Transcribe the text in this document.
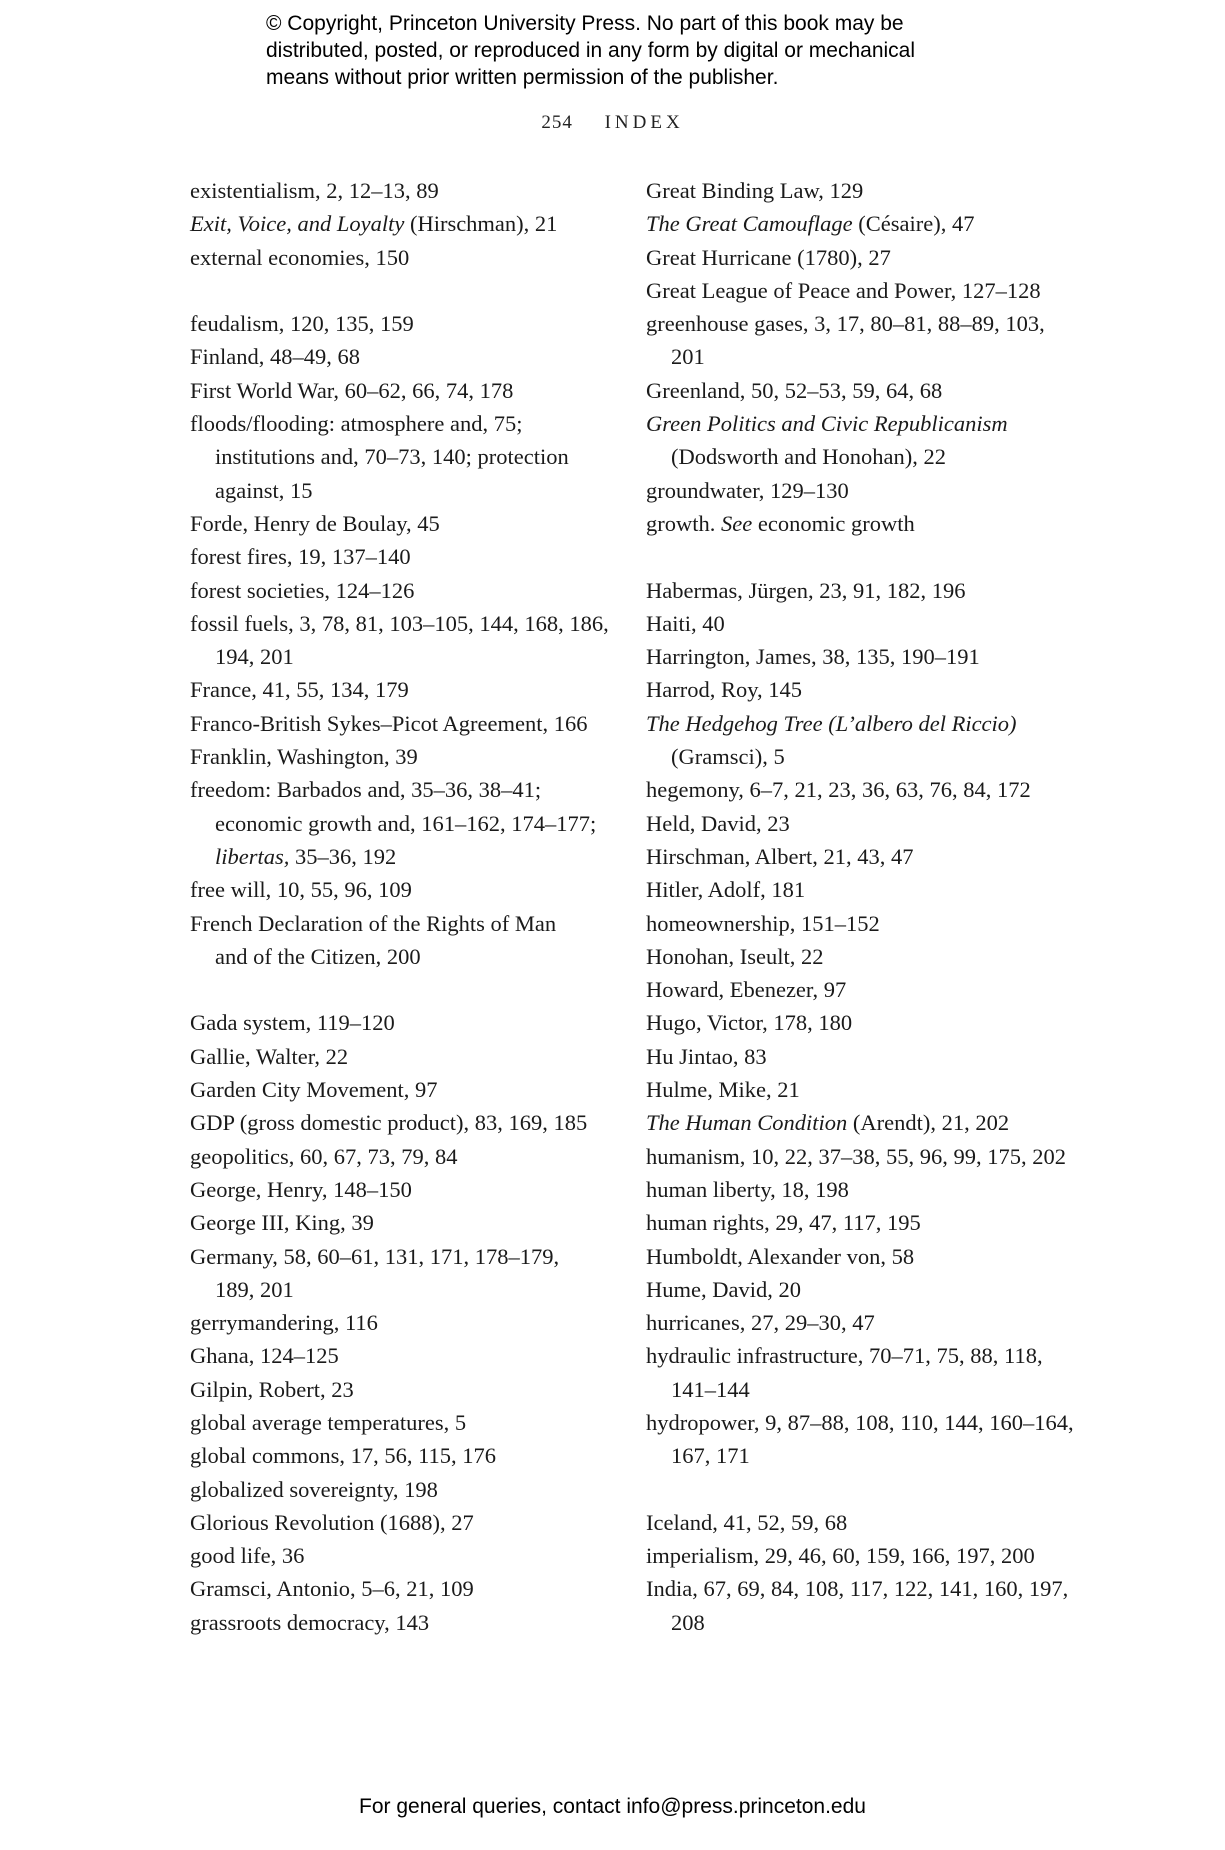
© Copyright, Princeton University Press. No part of this book may be
distributed, posted, or reproduced in any form by digital or mechanical
means without prior written permission of the publisher.
254 INDEX
existentialism, 2, 12–13, 89
Exit, Voice, and Loyalty (Hirschman), 21
external economies, 150
feudalism, 120, 135, 159
Finland, 48–49, 68
First World War, 60–62, 66, 74, 178
floods/flooding: atmosphere and, 75;
institutions and, 70–73, 140; protection
against, 15
Forde, Henry de Boulay, 45
forest fires, 19, 137–140
forest societies, 124–126
fossil fuels, 3, 78, 81, 103–105, 144, 168, 186,
194, 201
France, 41, 55, 134, 179
Franco-British Sykes–Picot Agreement, 166
Franklin, Washington, 39
freedom: Barbados and, 35–36, 38–41;
economic growth and, 161–162, 174–177;
libertas, 35–36, 192
free will, 10, 55, 96, 109
French Declaration of the Rights of Man
and of the Citizen, 200
Gada system, 119–120
Gallie, Walter, 22
Garden City Movement, 97
GDP (gross domestic product), 83, 169, 185
geopolitics, 60, 67, 73, 79, 84
George, Henry, 148–150
George III, King, 39
Germany, 58, 60–61, 131, 171, 178–179,
189, 201
gerrymandering, 116
Ghana, 124–125
Gilpin, Robert, 23
global average temperatures, 5
global commons, 17, 56, 115, 176
globalized sovereignty, 198
Glorious Revolution (1688), 27
good life, 36
Gramsci, Antonio, 5–6, 21, 109
grassroots democracy, 143
Great Binding Law, 129
The Great Camouflage (Césaire), 47
Great Hurricane (1780), 27
Great League of Peace and Power, 127–128
greenhouse gases, 3, 17, 80–81, 88–89, 103,
201
Greenland, 50, 52–53, 59, 64, 68
Green Politics and Civic Republicanism
(Dodsworth and Honohan), 22
groundwater, 129–130
growth. See economic growth
Habermas, Jürgen, 23, 91, 182, 196
Haiti, 40
Harrington, James, 38, 135, 190–191
Harrod, Roy, 145
The Hedgehog Tree (L’albero del Riccio)
(Gramsci), 5
hegemony, 6–7, 21, 23, 36, 63, 76, 84, 172
Held, David, 23
Hirschman, Albert, 21, 43, 47
Hitler, Adolf, 181
homeownership, 151–152
Honohan, Iseult, 22
Howard, Ebenezer, 97
Hugo, Victor, 178, 180
Hu Jintao, 83
Hulme, Mike, 21
The Human Condition (Arendt), 21, 202
humanism, 10, 22, 37–38, 55, 96, 99, 175, 202
human liberty, 18, 198
human rights, 29, 47, 117, 195
Humboldt, Alexander von, 58
Hume, David, 20
hurricanes, 27, 29–30, 47
hydraulic infrastructure, 70–71, 75, 88, 118,
141–144
hydropower, 9, 87–88, 108, 110, 144, 160–164,
167, 171
Iceland, 41, 52, 59, 68
imperialism, 29, 46, 60, 159, 166, 197, 200
India, 67, 69, 84, 108, 117, 122, 141, 160, 197,
208
For general queries, contact info@press.princeton.edu
